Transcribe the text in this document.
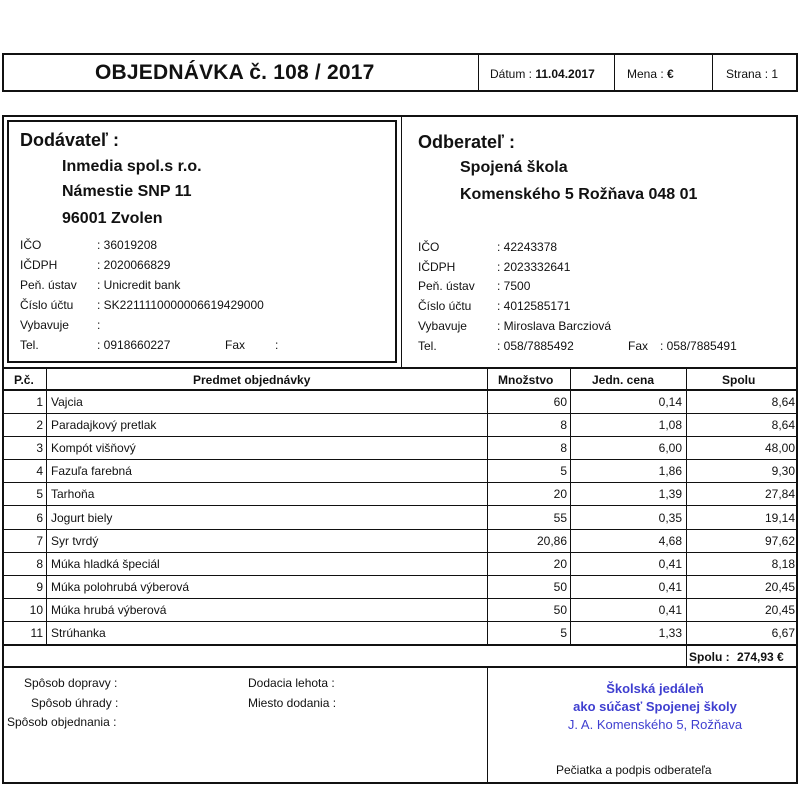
OBJEDNÁVKA č. 108 / 2017	Dátum : 11.04.2017	Mena : €	Strana : 1
Dodávateľ :
Inmedia spol.s r.o.
Námestie SNP 11
96001 Zvolen
IČO	: 36019208
IČDPH	: 2020066829
Peň. ústav : Unicredit bank
Číslo účtu : SK2211110000006619429000
Vybavuje :
Tel.	: 0918660227	Fax :
Odberateľ :
Spojená škola
Komenského 5 Rožňava 048 01
IČO	: 42243378
IČDPH	: 2023332641
Peň. ústav : 7500
Číslo účtu : 4012585171
Vybavuje	: Miroslava Barcziová
Tel.	: 058/7885492	Fax : 058/7885491
P.č.	Predmet objednávky	Množstvo	Jedn. cena	Spolu
1 Vajcia	60	0,14	8,64
2 Paradajkový pretlak	8	1,08	8,64
3 Kompót višňový	8	6,00	48,00
4 Fazuľa farebná	5	1,86	9,30
5 Tarhoňa	20	1,39	27,84
6 Jogurt biely	55	0,35	19,14
7 Syr tvrdý	20,86	4,68	97,62
8 Múka hladká špeciál	20	0,41	8,18
9 Múka polohrubá výberová	50	0,41	20,45
10 Múka hrubá výberová	50	0,41	20,45
11 Strúhanka	5	1,33	6,67
Spolu : 274,93 €
Spôsob dopravy :
Spôsob úhrady :
Spôsob objednania :
Dodacia lehota :
Miesto dodania :
Školská jedáleň
ako súčasť Spojenej školy
J. A. Komenského 5, Rožňava
Pečiatka a podpis odberateľa
